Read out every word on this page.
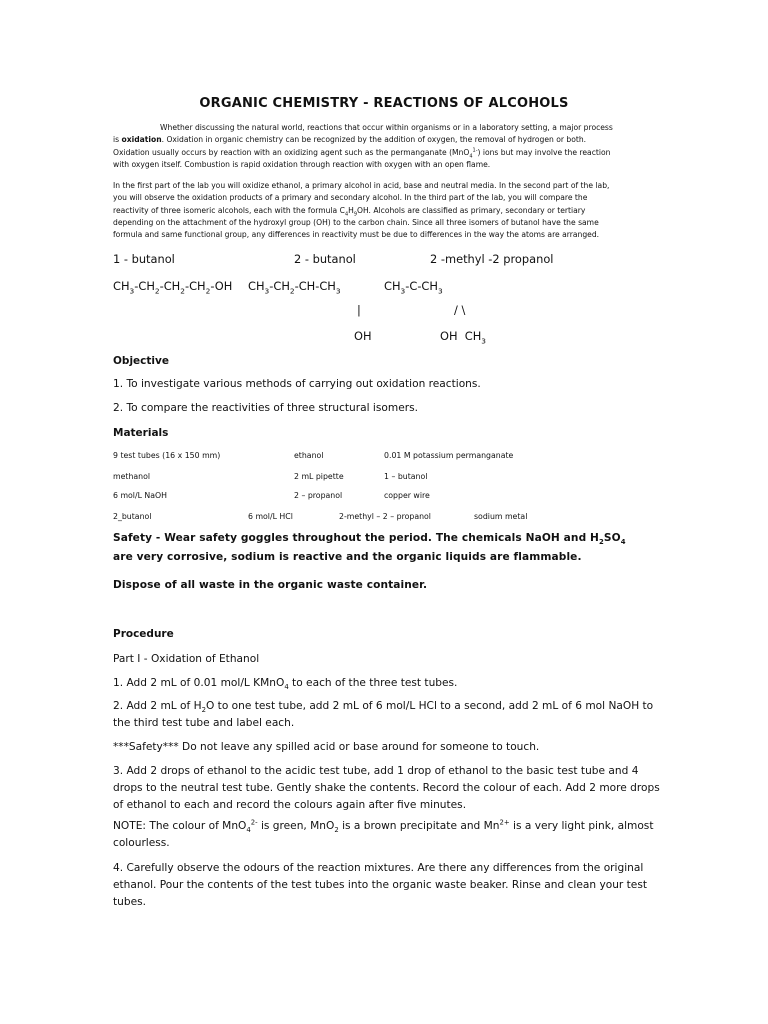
ORGANIC CHEMISTRY - REACTIONS OF ALCOHOLS

Whether discussing the natural world, reactions that occur within organisms or in a laboratory setting, a major process

is oxidation. Oxidation in organic chemistry can be recognized by the addition of oxygen, the removal of hydrogen or both.

Oxidation usually occurs by reaction with an oxidizing agent such as the permanganate (MnO$_4^{1-}$) ions but may involve the reaction

with oxygen itself. Combustion is rapid oxidation through reaction with oxygen with an open flame.

In the first part of the lab you will oxidize ethanol, a primary alcohol in acid, base and neutral media. In the second part of the lab,

you will observe the oxidation products of a primary and secondary alcohol. In the third part of the lab, you will compare the

reactivity of three isomeric alcohols, each with the formula $C_4H_9OH$. Alcohols are classified as primary, secondary or tertiary

depending on the attachment of the hydroxyl group (OH) to the carbon chain. Since all three isomers of butanol have the same

formula and same functional group, any differences in reactivity must be due to differences in the way the atoms are arranged.

1 - butanol	2 - butanol	2 -methyl -2 propanol
$CH_3-CH_2-CH_2-CH_2-OH$ $CH_3-CH_2-CH-CH_3$	$CH_3-C-CH_3$
|	/ \
OH	OH  $CH_3$
Objective
1. To investigate various methods of carrying out oxidation reactions.
2. To compare the reactivities of three structural isomers.
Materials
9 test tubes (16 x 150 mm)	ethanol	0.01 M potassium permanganate
methanol	2 mL pipette	1 – butanol
6 mol/L NaOH	2 – propanol	copper wire
2_butanol	6 mol/L HCl	2-methyl – 2 – propanol	sodium metal
Safety - Wear safety goggles throughout the period. The chemicals NaOH and $H_2SO_4$
are very corrosive, sodium is reactive and the organic liquids are flammable.
Dispose of all waste in the organic waste container.
Procedure
Part I - Oxidation of Ethanol
1. Add 2 mL of 0.01 mol/L KMnO$_4$ to each of the three test tubes.
2. Add 2 mL of $H_2O$ to one test tube, add 2 mL of 6 mol/L HCl to a second, add 2 mL of 6 mol NaOH to the third test tube and label each.
***Safety*** Do not leave any spilled acid or base around for someone to touch.
3. Add 2 drops of ethanol to the acidic test tube, add 1 drop of ethanol to the basic test tube and 4 drops to the neutral test tube. Gently shake the contents. Record the colour of each. Add 2 more drops of ethanol to each and record the colours again after five minutes.
NOTE: The colour of MnO$_4^{2-}$ is green, MnO$_2$ is a brown precipitate and $Mn^{2+}$ is a very light pink, almost colourless.
4. Carefully observe the odours of the reaction mixtures. Are there any differences from the original ethanol. Pour the contents of the test tubes into the organic waste beaker. Rinse and clean your test tubes.
